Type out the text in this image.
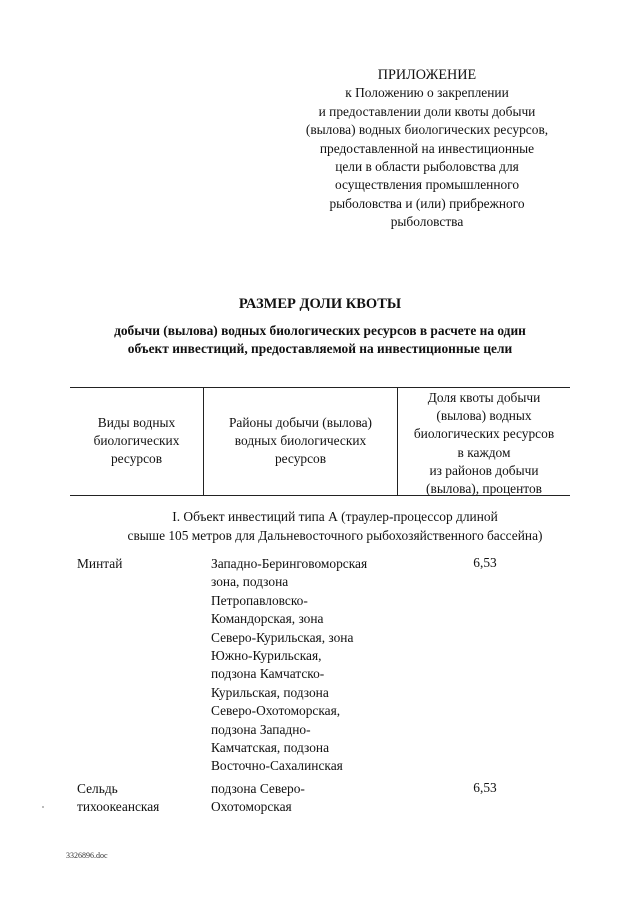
ПРИЛОЖЕНИЕ
к Положению о закреплении
и предоставлении доли квоты добычи
(вылова) водных биологических ресурсов,
предоставленной на инвестиционные
цели в области рыболовства для
осуществления промышленного
рыболовства и (или) прибрежного
рыболовства
РАЗМЕР ДОЛИ КВОТЫ
добычи (вылова) водных биологических ресурсов в расчете на один
объект инвестиций, предоставляемой на инвестиционные цели
Виды водных
биологических
ресурсов
Районы добычи (вылова)
водных биологических
ресурсов
Доля квоты добычи
(вылова) водных
биологических ресурсов
в каждом
из районов добычи
(вылова), процентов
I. Объект инвестиций типа А (траулер-процессор длиной
свыше 105 метров для Дальневосточного рыбохозяйственного бассейна)
Минтай	Западно-Беринговоморская
зона, подзона
Петропавловско-
Командорская, зона
Северо-Курильская, зона
Южно-Курильская,
подзона Камчатско-
Курильская, подзона
Северо-Охотоморская,
подзона Западно-
Камчатская, подзона
Восточно-Сахалинская
6,53
Сельдь
тихоокеанская
подзона Северо-
Охотоморская
6,53
3326896.doc
